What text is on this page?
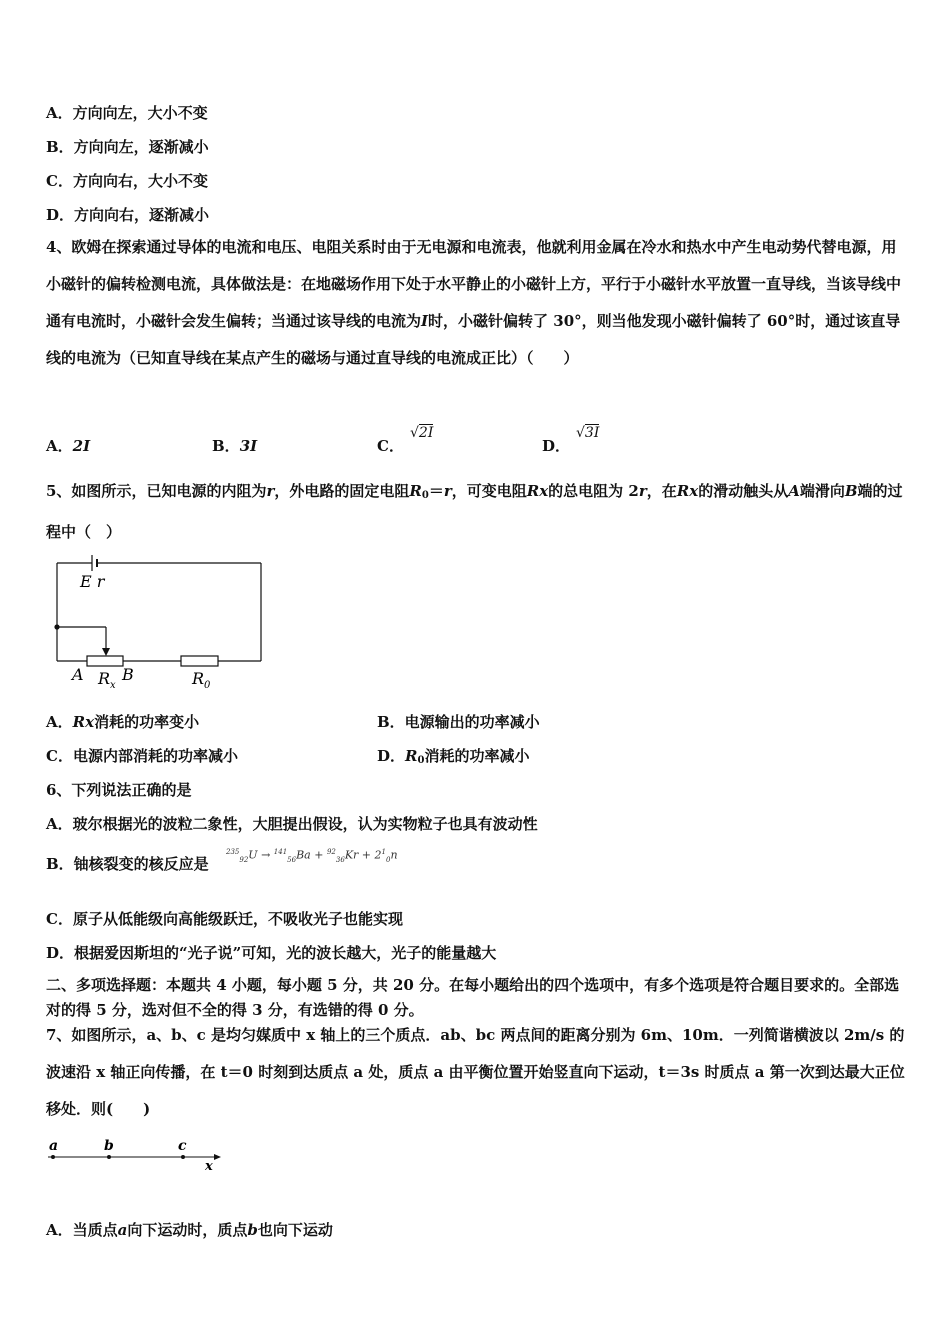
A．方向向左，大小不变
B．方向向左，逐渐减小
C．方向向右，大小不变
D．方向向右，逐渐减小
4、欧姆在探索通过导体的电流和电压、电阻关系时由于无电源和电流表，他就利用金属在冷水和热水中产生电动势代替电源，用小磁针的偏转检测电流，具体做法是：在地磁场作用下处于水平静止的小磁针上方，平行于小磁针水平放置一直导线，当该导线中通有电流时，小磁针会发生偏转；当通过该导线的电流为I时，小磁针偏转了 30°，则当他发现小磁针偏转了 60°时，通过该直导线的电流为（已知直导线在某点产生的磁场与通过直导线的电流成正比）（　　）
A．2I	B．3I	C．
√2I
D．
√3I
5、如图所示，已知电源的内阻为r，外电路的固定电阻$R_0=r$，可变电阻Rx的总电阻为 2r，在Rx的滑动触头从A端滑向B端的过程中（　）
E r
A R x
B	R 0
A．Rx消耗的功率变小	B．电源输出的功率减小
C．电源内部消耗的功率减小	D．$R_0$消耗的功率减小
6、下列说法正确的是
A．玻尔根据光的波粒二象性，大胆提出假设，认为实物粒子也具有波动性
B．铀核裂变的核反应是
$^{235}_{92}U \to ^{141}_{56}Ba + ^{92}_{36}Kr + 2^1_0n$
C．原子从低能级向高能级跃迁，不吸收光子也能实现
D．根据爱因斯坦的“光子说”可知，光的波长越大，光子的能量越大
二、多项选择题：本题共 4 小题，每小题 5 分，共 20 分。在每小题给出的四个选项中，有多个选项是符合题目要求的。全部选对的得 5 分，选对但不全的得 3 分，有选错的得 0 分。
7、如图所示，a、b、c 是均匀媒质中 x 轴上的三个质点．ab、bc 两点间的距离分别为 6m、10m．一列简谐横波以 2m/s 的波速沿 x 轴正向传播，在 t＝0 时刻到达质点 a 处，质点 a 由平衡位置开始竖直向下运动，t＝3s 时质点 a 第一次到达最大正位移处．则(　　)
a	b	c
x
A．当质点a向下运动时，质点b也向下运动
